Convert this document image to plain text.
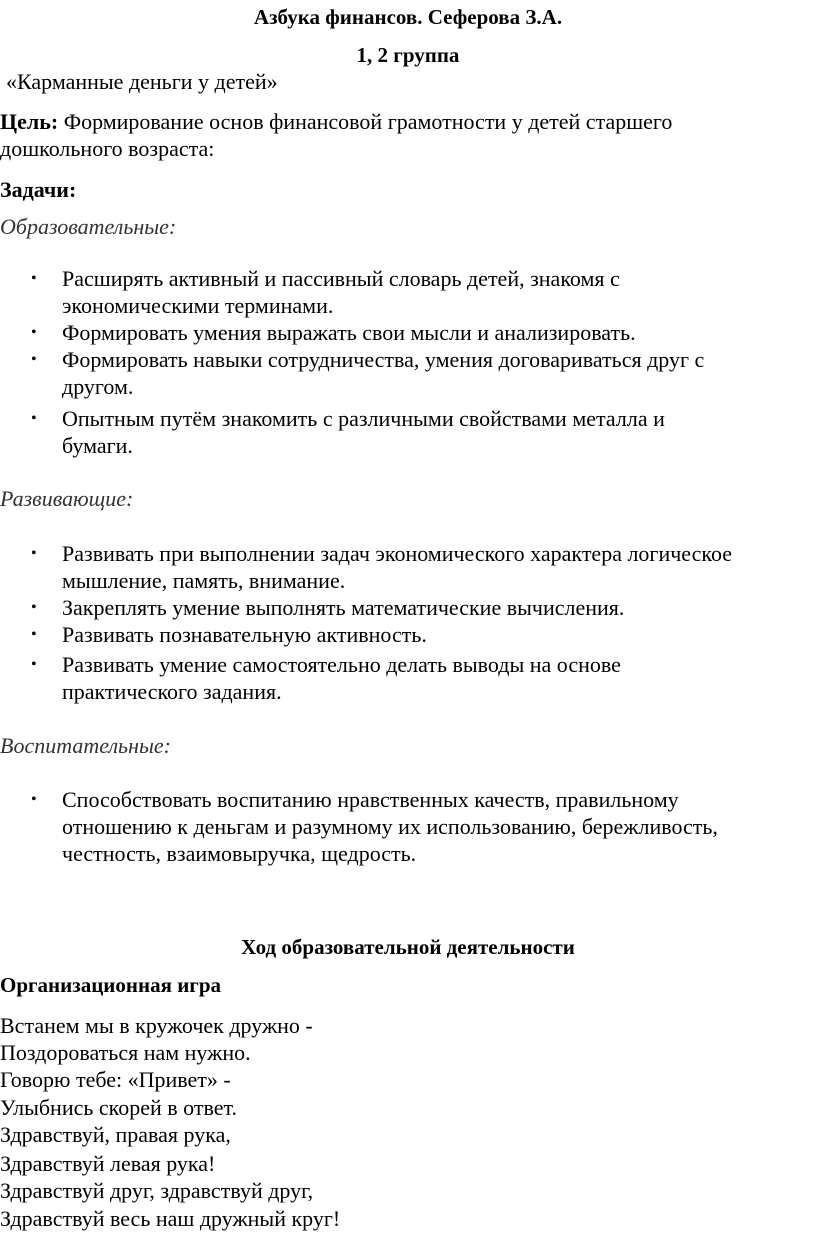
Азбука финансов. Сеферова З.А.
1, 2 группа
«Карманные деньги у детей»
Цель: Формирование основ финансовой грамотности у детей старшего
дошкольного возраста:
Задачи:
Образовательные:
• Расширять активный и пассивный словарь детей, знакомя с
экономическими терминами.
• Формировать умения выражать свои мысли и анализировать.
• Формировать навыки сотрудничества, умения договариваться друг с
другом.
• Опытным путём знакомить с различными свойствами металла и
бумаги.
Развивающие:
• Развивать при выполнении задач экономического характера логическое
мышление, память, внимание.
• Закреплять умение выполнять математические вычисления.
• Развивать познавательную активность.
• Развивать умение самостоятельно делать выводы на основе
практического задания.
Воспитательные:
• Способствовать воспитанию нравственных качеств, правильному
отношению к деньгам и разумному их использованию, бережливость,
честность, взаимовыручка, щедрость.
Ход образовательной деятельности
Организационная игра
Встанем мы в кружочек дружно -
Поздороваться нам нужно.
Говорю тебе: «Привет» -
Улыбнись скорей в ответ.
Здравствуй, правая рука,
Здравствуй левая рука!
Здравствуй друг, здравствуй друг,
Здравствуй весь наш дружный круг!
